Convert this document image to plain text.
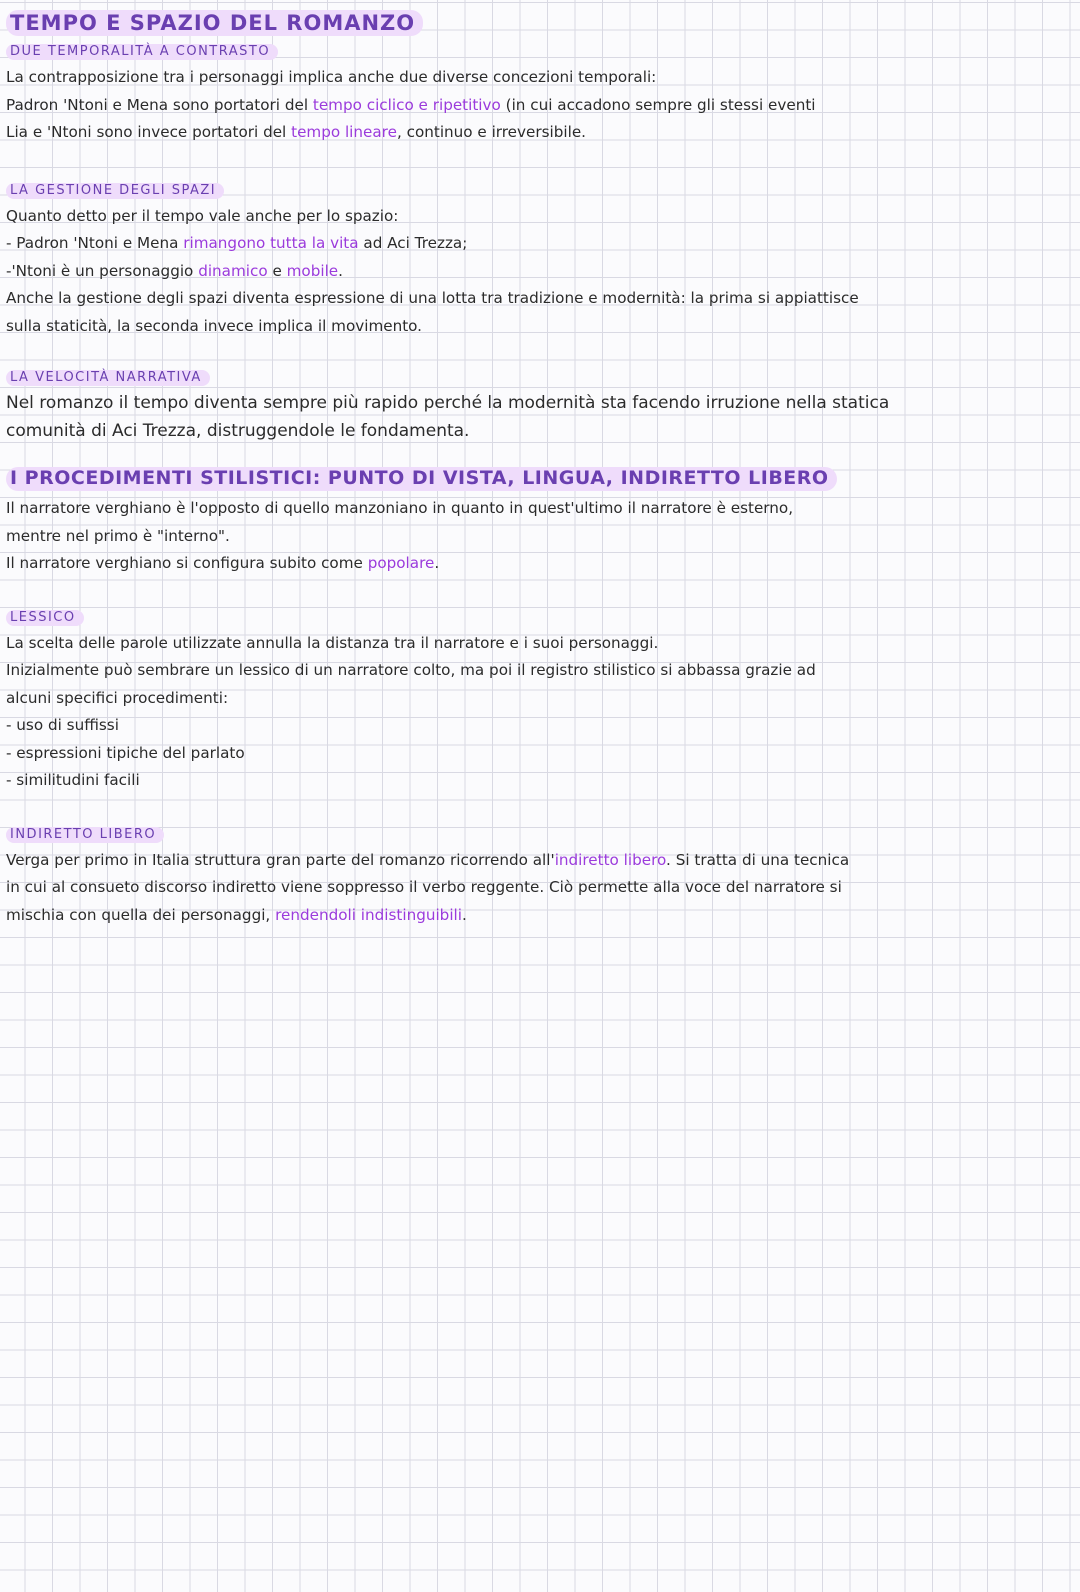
TEMPO E SPAZIO DEL ROMANZO
DUE TEMPORALITÀ A CONTRASTO

La contrapposizione tra i personaggi implica anche due diverse concezioni temporali:

Padron 'Ntoni e Mena sono portatori del tempo ciclico e ripetitivo (in cui accadono sempre gli stessi eventi

Lia e 'Ntoni sono invece portatori del tempo lineare, continuo e irreversibile.

LA GESTIONE DEGLI SPAZI

Quanto detto per il tempo vale anche per lo spazio:

- Padron 'Ntoni e Mena rimangono tutta la vita ad Aci Trezza;

-'Ntoni è un personaggio dinamico e mobile.

Anche la gestione degli spazi diventa espressione di una lotta tra tradizione e modernità: la prima si appiattisce

sulla staticità, la seconda invece implica il movimento.

LA VELOCITÀ NARRATIVA

Nel romanzo il tempo diventa sempre più rapido perché la modernità sta facendo irruzione nella statica

comunità di Aci Trezza, distruggendole le fondamenta.

I PROCEDIMENTI STILISTICI: PUNTO DI VISTA, LINGUA, INDIRETTO LIBERO

Il narratore verghiano è l'opposto di quello manzoniano in quanto in quest'ultimo il narratore è esterno,

mentre nel primo è "interno".

Il narratore verghiano si configura subito come popolare.

LESSICO

La scelta delle parole utilizzate annulla la distanza tra il narratore e i suoi personaggi.

Inizialmente può sembrare un lessico di un narratore colto, ma poi il registro stilistico si abbassa grazie ad

alcuni specifici procedimenti:

- uso di suffissi

- espressioni tipiche del parlato

- similitudini facili

INDIRETTO LIBERO

Verga per primo in Italia struttura gran parte del romanzo ricorrendo all'indiretto libero. Si tratta di una tecnica

in cui al consueto discorso indiretto viene soppresso il verbo reggente. Ciò permette alla voce del narratore si

mischia con quella dei personaggi, rendendoli indistinguibili.
